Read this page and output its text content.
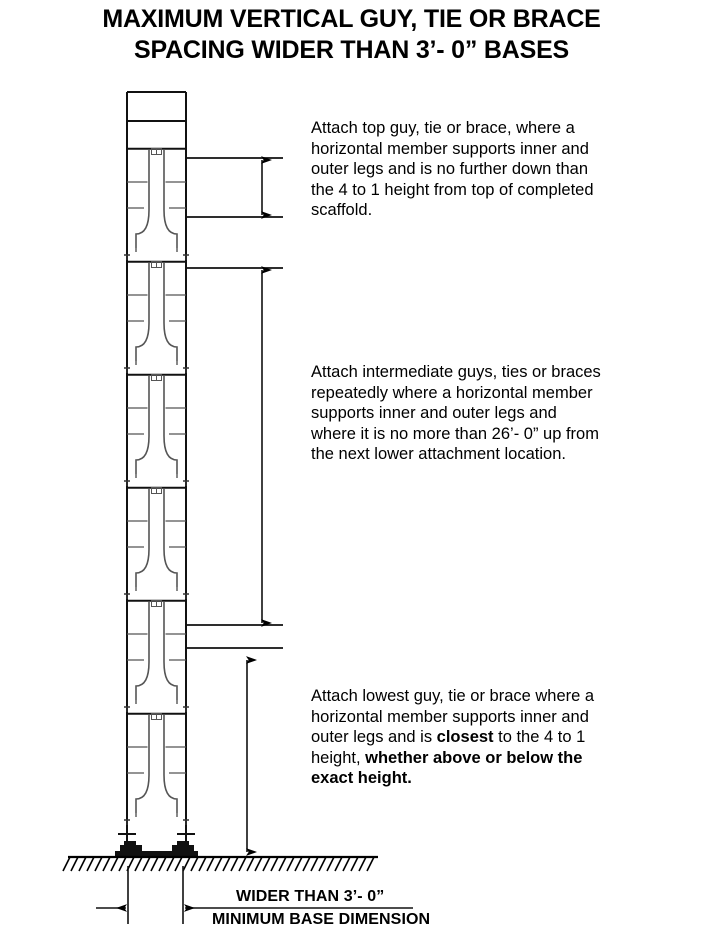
MAXIMUM VERTICAL GUY, TIE OR BRACE
SPACING WIDER THAN 3’- 0” BASES
Attach top guy, tie or brace, where a horizontal member supports inner and outer legs and is no further down than the 4 to 1 height from top of completed scaffold.
Attach intermediate guys, ties or braces repeatedly where a horizontal member supports inner and outer legs and where it is no more than 26’- 0” up from the next lower attachment location.
Attach lowest guy, tie or brace where a horizontal member supports inner and outer legs and is closest to the 4 to 1 height, whether above or below the exact height.
WIDER THAN 3’- 0”
MINIMUM BASE DIMENSION
